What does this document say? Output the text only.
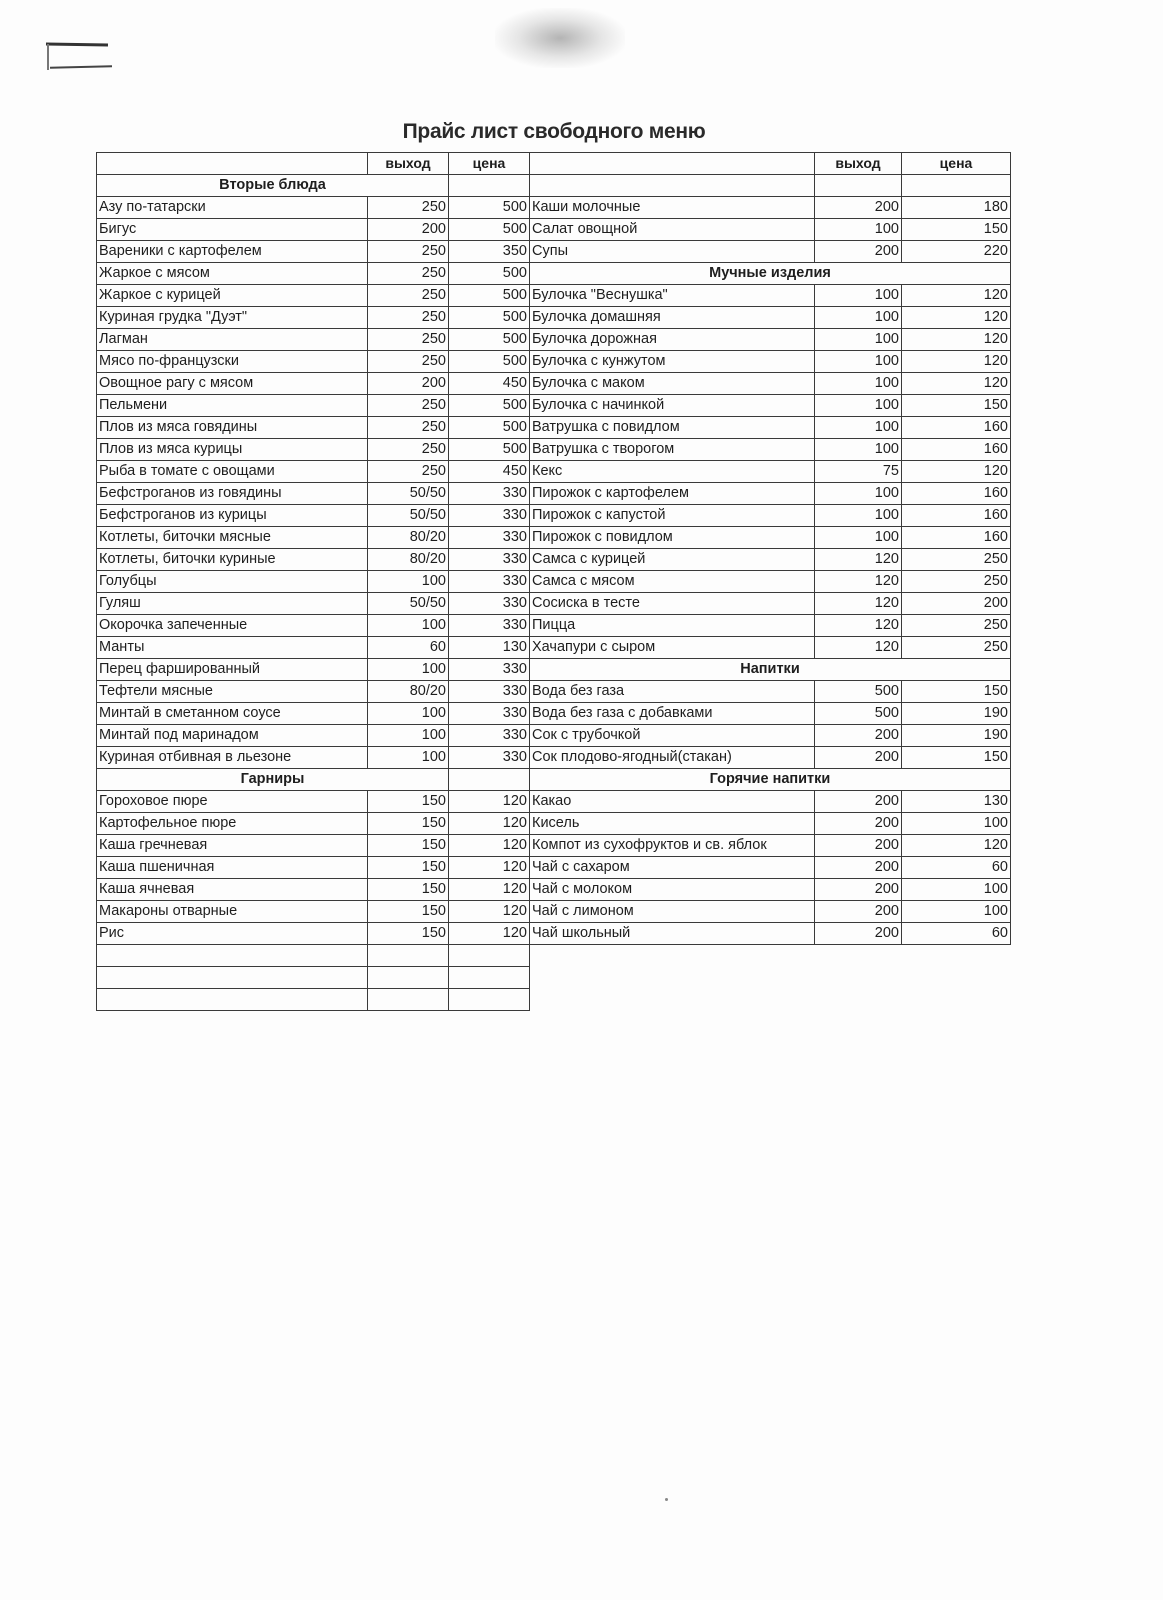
Прайс лист свободного меню
	выход	цена		выход	цена
Вторые блюда					
Азу по-татарски	250	500	Каши молочные	200	180
Бигус	200	500	Салат овощной	100	150
Вареники с картофелем	250	350	Супы	200	220
Жаркое с мясом	250	500	Мучные изделия		
Жаркое с курицей	250	500	Булочка "Веснушка"	100	120
Куриная грудка "Дуэт"	250	500	Булочка домашняя	100	120
Лагман	250	500	Булочка дорожная	100	120
Мясо по-французски	250	500	Булочка с кунжутом	100	120
Овощное рагу с мясом	200	450	Булочка с маком	100	120
Пельмени	250	500	Булочка с начинкой	100	150
Плов из мяса говядины	250	500	Ватрушка с повидлом	100	160
Плов из мяса курицы	250	500	Ватрушка с творогом	100	160
Рыба в томате с овощами	250	450	Кекс	75	120
Бефстроганов из говядины	50/50	330	Пирожок с картофелем	100	160
Бефстроганов из курицы	50/50	330	Пирожок с капустой	100	160
Котлеты, биточки мясные	80/20	330	Пирожок с повидлом	100	160
Котлеты, биточки куриные	80/20	330	Самса с курицей	120	250
Голубцы	100	330	Самса с мясом	120	250
Гуляш	50/50	330	Сосиска в тесте	120	200
Окорочка запеченные	100	330	Пицца	120	250
Манты	60	130	Хачапури с сыром	120	250
Перец фаршированный	100	330	Напитки		
Тефтели мясные	80/20	330	Вода без газа	500	150
Минтай в сметанном соусе	100	330	Вода без газа с добавками	500	190
Минтай под маринадом	100	330	Сок с трубочкой	200	190
Куриная отбивная в льезоне	100	330	Сок плодово-ягодный(стакан)	200	150
Гарниры			Горячие напитки		
Гороховое пюре	150	120	Какао	200	130
Картофельное пюре	150	120	Кисель	200	100
Каша гречневая	150	120	Компот из сухофруктов и св. яблок	200	120
Каша пшеничная	150	120	Чай с сахаром	200	60
Каша ячневая	150	120	Чай с молоком	200	100
Макароны отварные	150	120	Чай с лимоном	200	100
Рис	150	120	Чай школьный	200	60
